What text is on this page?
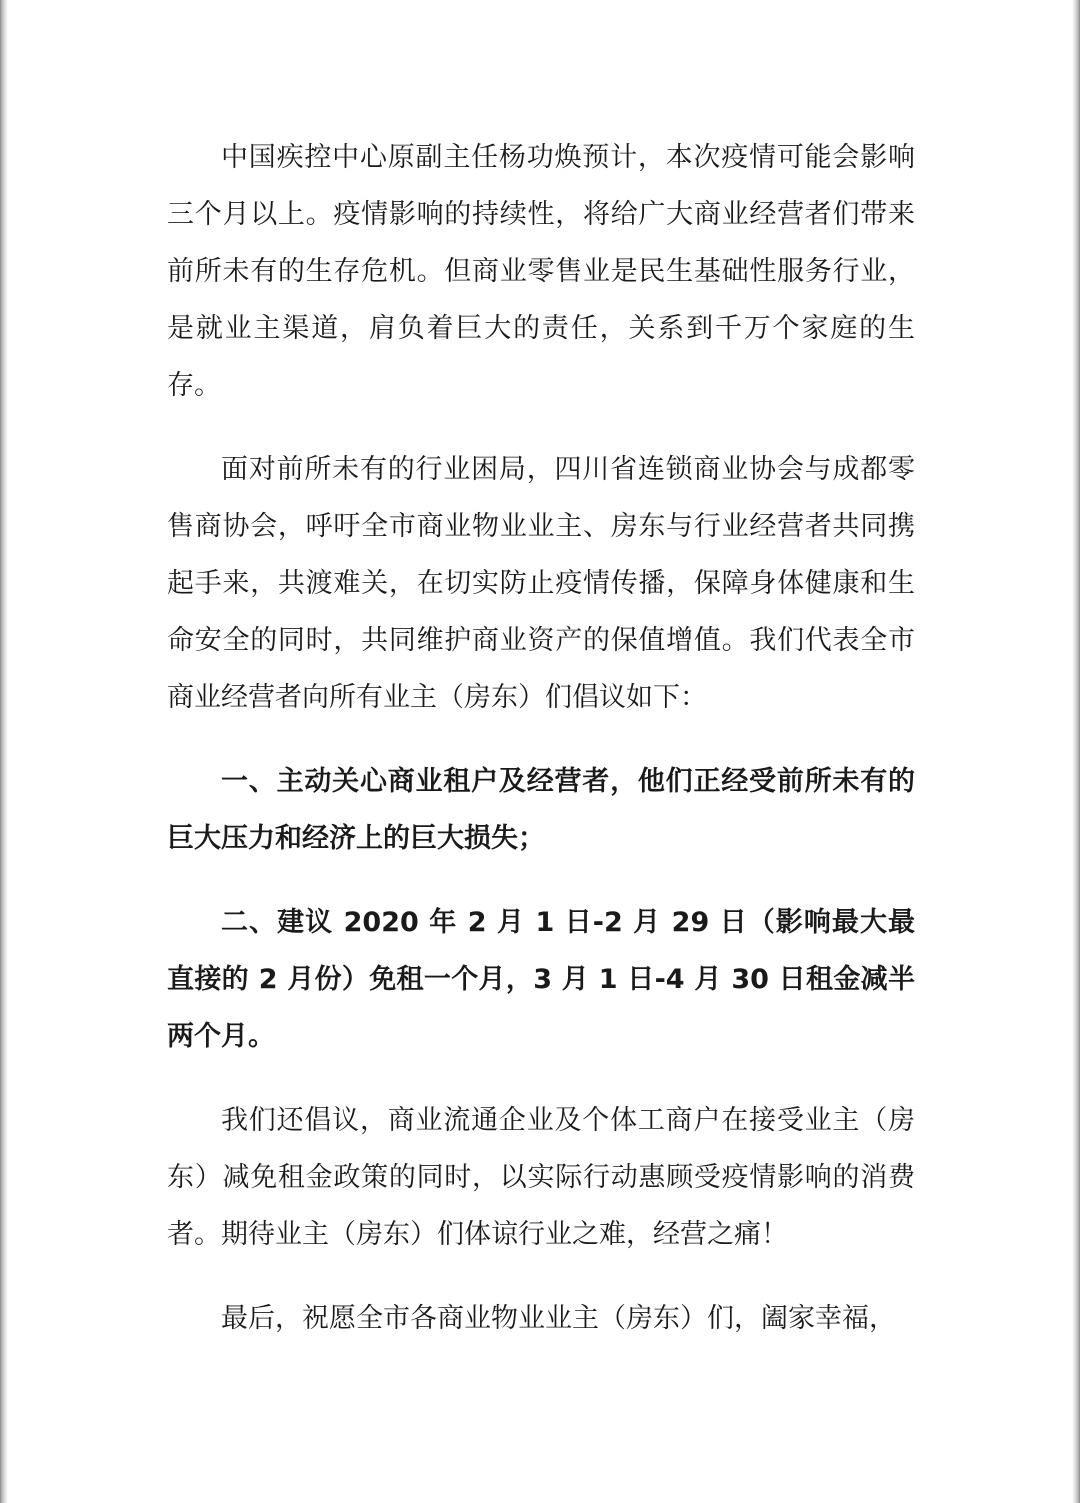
中国疾控中心原副主任杨功焕预计，本次疫情可能会影响三个月以上。疫情影响的持续性，将给广大商业经营者们带来前所未有的生存危机。但商业零售业是民生基础性服务行业，是就业主渠道，肩负着巨大的责任，关系到千万个家庭的生存。

面对前所未有的行业困局，四川省连锁商业协会与成都零售商协会，呼吁全市商业物业业主、房东与行业经营者共同携起手来，共渡难关，在切实防止疫情传播，保障身体健康和生命安全的同时，共同维护商业资产的保值增值。我们代表全市商业经营者向所有业主（房东）们倡议如下：

一、主动关心商业租户及经营者，他们正经受前所未有的巨大压力和经济上的巨大损失；

二、建议 2020 年 2 月 1 日-2 月 29 日（影响最大最直接的 2 月份）免租一个月，3 月 1 日-4 月 30 日租金减半两个月。

我们还倡议，商业流通企业及个体工商户在接受业主（房东）减免租金政策的同时，以实际行动惠顾受疫情影响的消费者。期待业主（房东）们体谅行业之难，经营之痛！

最后，祝愿全市各商业物业业主（房东）们，阖家幸福，
